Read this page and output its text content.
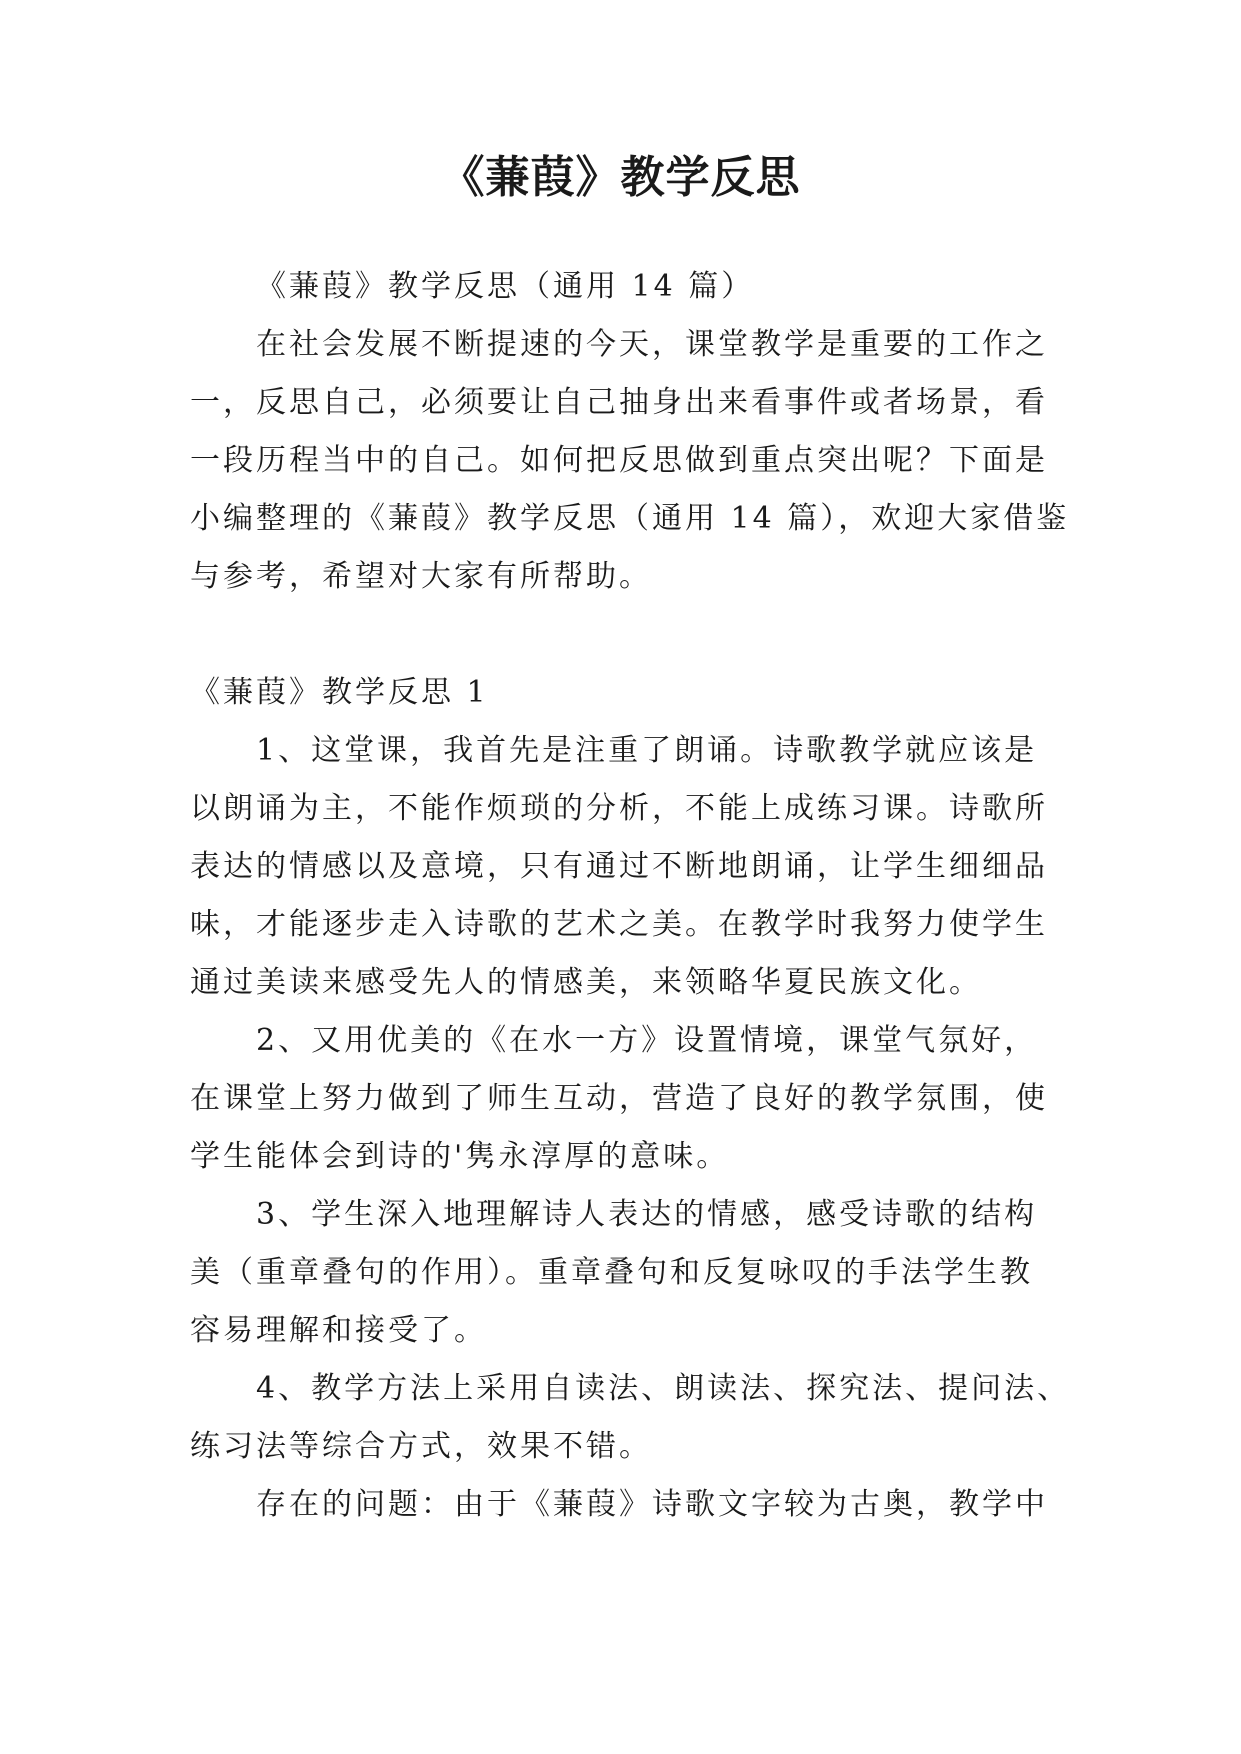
《蒹葭》教学反思

《蒹葭》教学反思（通用 14 篇）

在社会发展不断提速的今天，课堂教学是重要的工作之

一，反思自己，必须要让自己抽身出来看事件或者场景，看

一段历程当中的自己。如何把反思做到重点突出呢？下面是

小编整理的《蒹葭》教学反思（通用 14 篇），欢迎大家借鉴

与参考，希望对大家有所帮助。

《蒹葭》教学反思 1

1、这堂课，我首先是注重了朗诵。诗歌教学就应该是

以朗诵为主，不能作烦琐的分析，不能上成练习课。诗歌所

表达的情感以及意境，只有通过不断地朗诵，让学生细细品

味，才能逐步走入诗歌的艺术之美。在教学时我努力使学生

通过美读来感受先人的情感美，来领略华夏民族文化。

2、又用优美的《在水一方》设置情境，课堂气氛好，

在课堂上努力做到了师生互动，营造了良好的教学氛围，使

学生能体会到诗的'隽永淳厚的意味。

3、学生深入地理解诗人表达的情感，感受诗歌的结构

美（重章叠句的作用）。重章叠句和反复咏叹的手法学生教

容易理解和接受了。

4、教学方法上采用自读法、朗读法、探究法、提问法、

练习法等综合方式，效果不错。

存在的问题：由于《蒹葭》诗歌文字较为古奥，教学中
